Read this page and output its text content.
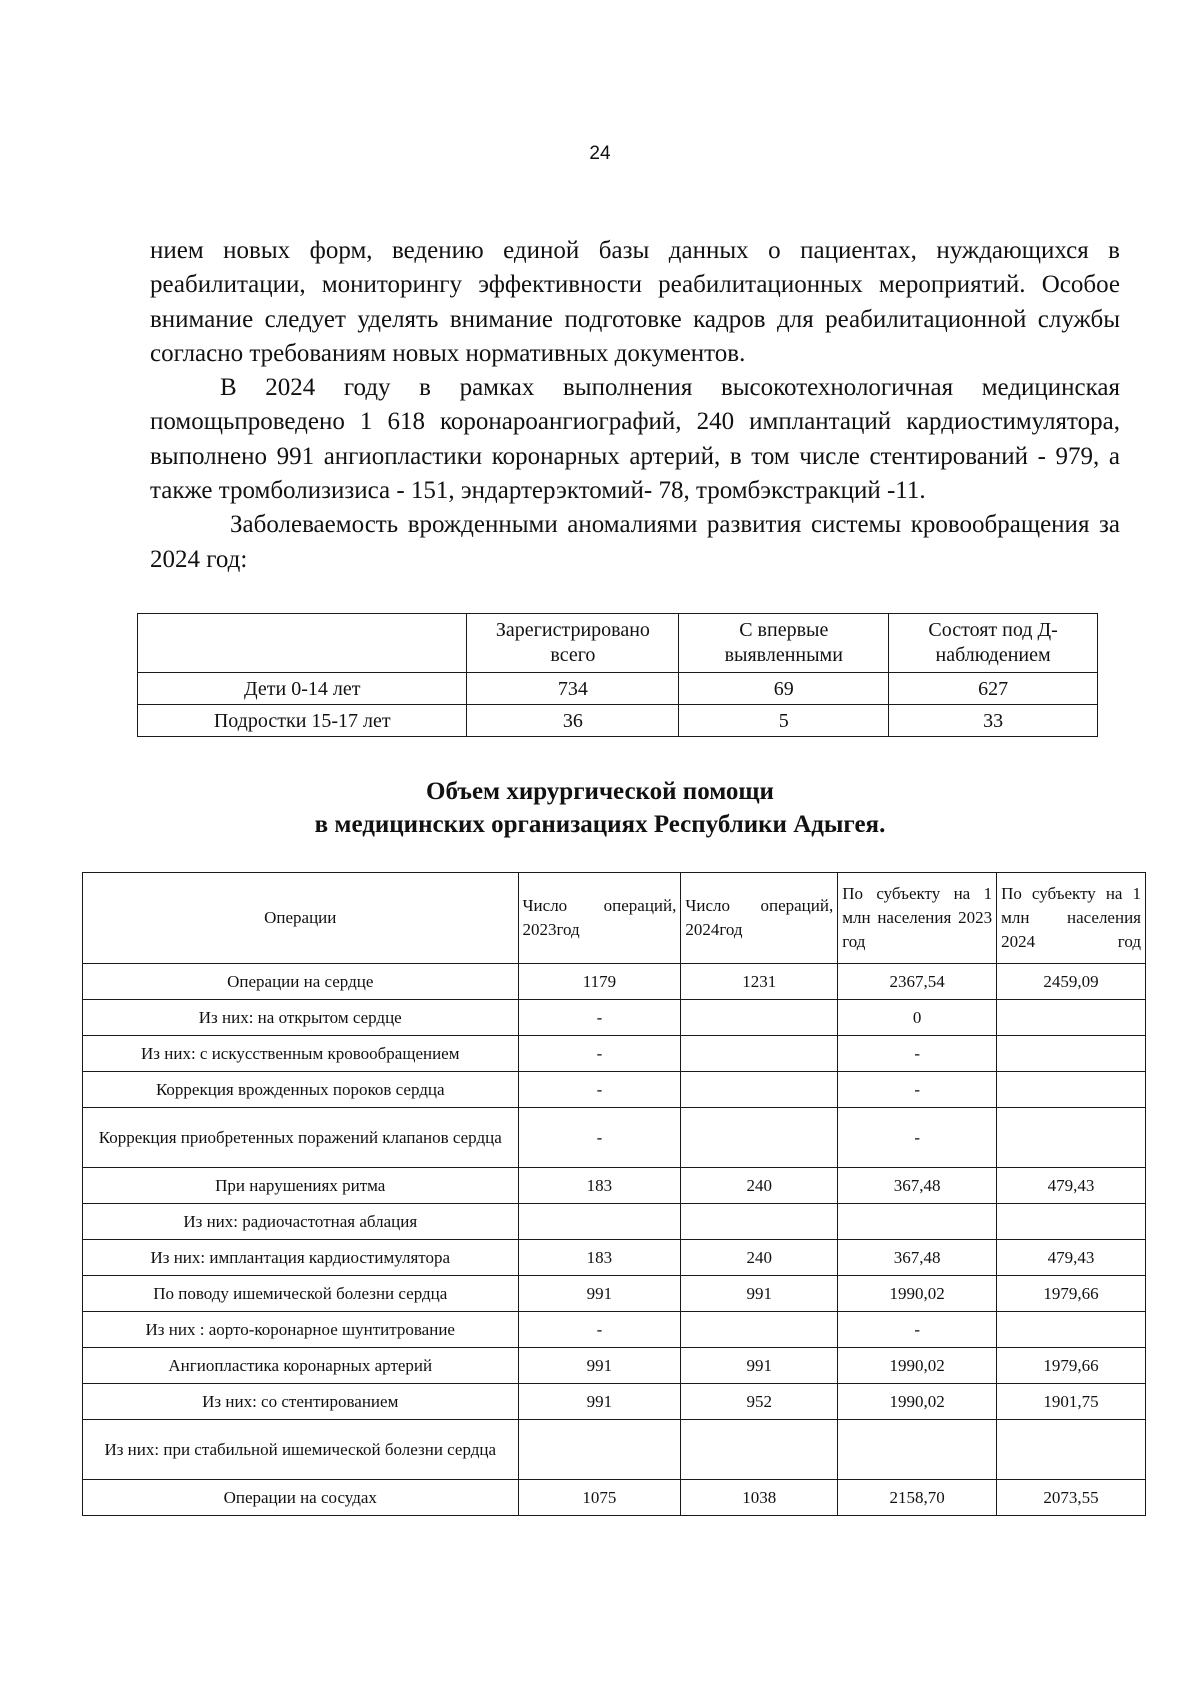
24

нием новых форм, ведению единой базы данных о пациентах, нуждающихся в реабилитации, мониторингу эффективности реабилитационных мероприятий. Особое внимание следует уделять внимание подготовке кадров для реабилитационной службы согласно требованиям новых нормативных документов.

В 2024 году в рамках выполнения высокотехнологичная медицинская помощьпроведено 1 618 коронароангиографий, 240 имплантаций кардиостимулятора, выполнено 991 ангиопластики коронарных артерий, в том числе стентирований - 979, а также тромболизизиса - 151, эндартерэктомий- 78, тромбэкстракций -11.

Заболеваемость врожденными аномалиями развития системы кровообращения за 2024 год:

	Зарегистрировано всего	С впервые выявленными	Состоят под Д-наблюдением
Дети 0-14 лет	734	69	627
Подростки 15-17 лет	36	5	33
Объем хирургической помощи
в медицинских организациях Республики Адыгея.
Операции	Число операций, 2023год	Число операций, 2024год	По субъекту на 1 млн населения 2023 год	По субъекту на 1 млн населения 2024 год
Операции на сердце	1179	1231	2367,54	2459,09
Из них: на открытом сердце	-		0	
Из них: с искусственным кровообращением	-		-	
Коррекция врожденных пороков сердца	-		-	
Коррекция приобретенных поражений клапанов сердца	-		-	
При нарушениях ритма	183	240	367,48	479,43
Из них: радиочастотная аблация				
Из них: имплантация кардиостимулятора	183	240	367,48	479,43
По поводу ишемической болезни сердца	991	991	1990,02	1979,66
Из них : аорто-коронарное шунтитрование	-		-	
Ангиопластика коронарных артерий	991	991	1990,02	1979,66
Из них: со стентированием	991	952	1990,02	1901,75
Из них: при стабильной ишемической болезни сердца				
Операции на сосудах	1075	1038	2158,70	2073,55
